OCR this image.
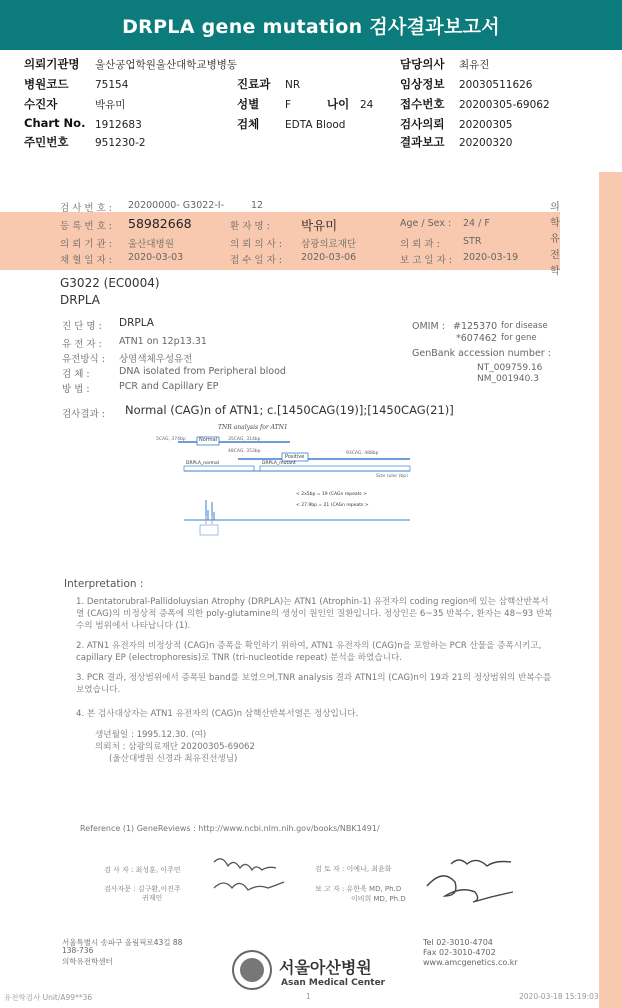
DRPLA gene mutation 검사결과보고서
의뢰기관명 울산공업학원울산대학교병병동	담당의사 최유진
병원코드	75154	진료과 NR	임상정보 20030511626
수진자	박유미	성별 F	나이 24 접수번호 20200305-69062
Chart No. 1912683	검체 EDTA Blood	검사의뢰 20200305
주민번호	951230-2	결과보고 20200320
의학유전학
검 사 번 호 : 20200000- G3022-I-	12
등 록 번 호 : 58982668	환 자 명 : 박유미	Age / Sex : 24 / F
의 뢰 기 관 : 울산대병원	의 뢰 의 사 : 삼광의료재단	의 뢰 과 : STR
채 혈 일 자 : 2020-03-03	접 수 일 자 : 2020-03-06	보 고 일 자 : 2020-03-19
G3022 (EC0004)
DRPLA
진 단 명 : DRPLA
유 전 자 : ATN1 on 12p13.31
유전방식 : 상염색체우성유전
검 체 :	DNA isolated from Peripheral blood
방 법 :	PCR and Capillary EP
OMIM : #125370 for disease
*607462 for gene
GenBank accession number :
NT_009759.16
NM_001940.3
검사결과 : Normal (CAG)n of ATN1; c.[1450CAG(19)];[1450CAG(21)]
TNR analysis for ATN1
5CAG, 374bp	Normal 35CAG, 314bp
48CAG, 353bp
Positive
93CAG, 488bp
DRPLA_normal	DRPLA_mutant
Size ruler (bp)
< 2x5bp = 19 (CAGn repeats >
< 27.9bp = 21 (CAGn repeats >
Interpretation :
1. Dentatorubral-Pallidoluysian Atrophy (DRPLA)는 ATN1 (Atrophin-1) 유전자의 coding region에 있는 삼핵산반복서열 (CAG)의 비정상적 증폭에 의한 poly-glutamine의 생성이 원인인 질환입니다. 정상인은 6~35 반복수, 환자는 48~93 반복수의 범위에서 나타납니다 (1).
2. ATN1 유전자의 비정상적 (CAG)n 증폭을 확인하기 위하여, ATN1 유전자의 (CAG)n을 포함하는 PCR 산물을 증폭시키고, capillary EP (electrophoresis)로 TNR (tri-nucleotide repeat) 분석을 하였습니다.
3. PCR 결과, 정상범위에서 증폭된 band를 보였으며,TNR analysis 결과 ATN1의 (CAG)n이 19과 21의 정상범위의 반복수를 보였습니다.
4. 본 검사대상자는 ATN1 유전자의 (CAG)n 삼핵산반복서열은 정상입니다.
생년월일 : 1995.12.30. (여)
의뢰처 : 삼광의료재단 20200305-69062
(울산대병원 신경과 최유진선생님)
Reference (1) GeneReviews : http://www.ncbi.nlm.nih.gov/books/NBK1491/
검 사 자 : 최성훈, 이주연	검 토 자 : 이예나, 최윤화
검사자문 : 김구환,이진주
귀재인
보 고 자 : 유한욱 MD, Ph.D
이비희 MD, Ph.D
서울특별시 송파구 올림픽로43길 88
138-736
의학유전학센터	서울아산병원
Asan Medical Center
Tel 02-3010-4704
Fax 02-3010-4702
www.amcgenetics.co.kr
유전학검사 Unit/A99**36	1	2020-03-18 15:19:03
